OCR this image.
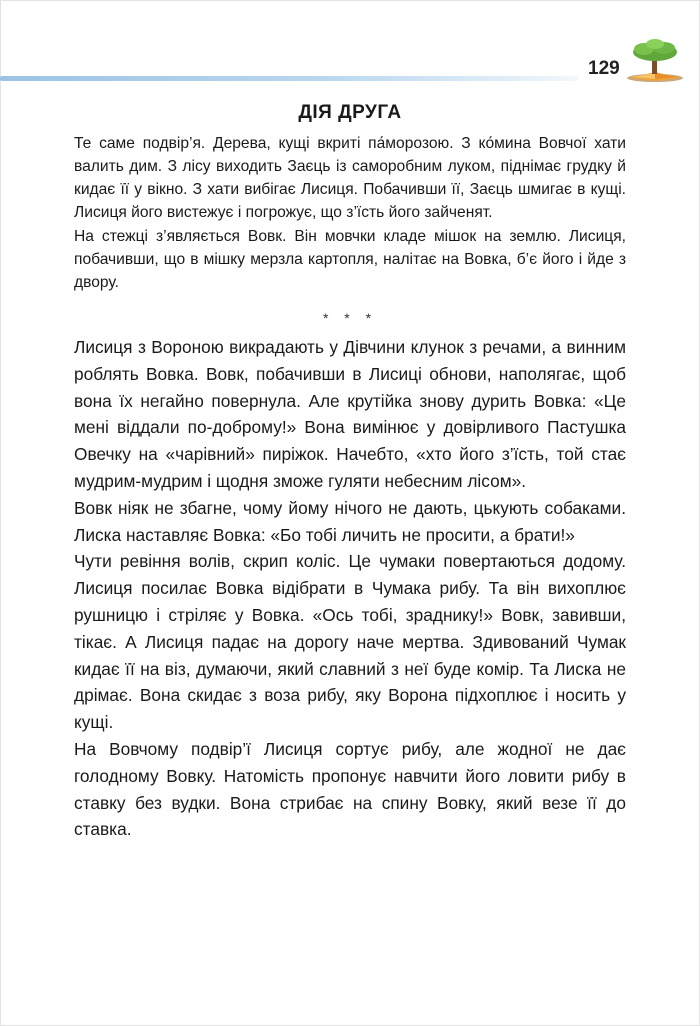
129
ДІЯ ДРУГА

Те саме подвір’я. Дерева, кущі вкриті па́морозою. З ко́мина Вовчої хати валить дим. З лісу виходить Заєць із саморобним луком, піднімає грудку й кидає її у вікно. З хати вибігає Лисиця. Побачивши її, Заєць шмигає в кущі. Лисиця його вистежує і погрожує, що з’їсть його зайченят.

На стежці з’являється Вовк. Він мовчки кладе мішок на землю. Лисиця, побачивши, що в мішку мерзла картопля, налітає на Вовка, б’є його і йде з двору.

* * *

Лисиця з Вороною викрадають у Дівчини клунок з речами, а винним роблять Вовка. Вовк, побачивши в Лисиці обнови, наполягає, щоб вона їх негайно повернула. Але крутійка знову дурить Вовка: «Це мені віддали по-доброму!» Вона вимінює у довірливого Пастушка Овечку на «чарівний» пиріжок. Начебто, «хто його з’їсть, той стає мудрим-мудрим і щодня зможе гуляти небесним лісом».

Вовк ніяк не збагне, чому йому нічого не дають, цькують собаками. Лиска наставляє Вовка: «Бо тобі личить не просити, а брати!»

Чути ревіння волів, скрип коліс. Це чумаки повертаються додому. Лисиця посилає Вовка відібрати в Чумака рибу. Та він вихоплює рушницю і стріляє у Вовка. «Ось тобі, зраднику!» Вовк, завивши, тікає. А Лисиця падає на дорогу наче мертва. Здивований Чумак кидає її на віз, думаючи, який славний з неї буде комір. Та Лиска не дрімає. Вона скидає з воза рибу, яку Ворона підхоплює і носить у кущі.

На Вовчому подвір’ї Лисиця сортує рибу, але жодної не дає голодному Вовку. Натомість пропонує навчити його ловити рибу в ставку без вудки. Вона стрибає на спину Вовку, який везе її до ставка.
